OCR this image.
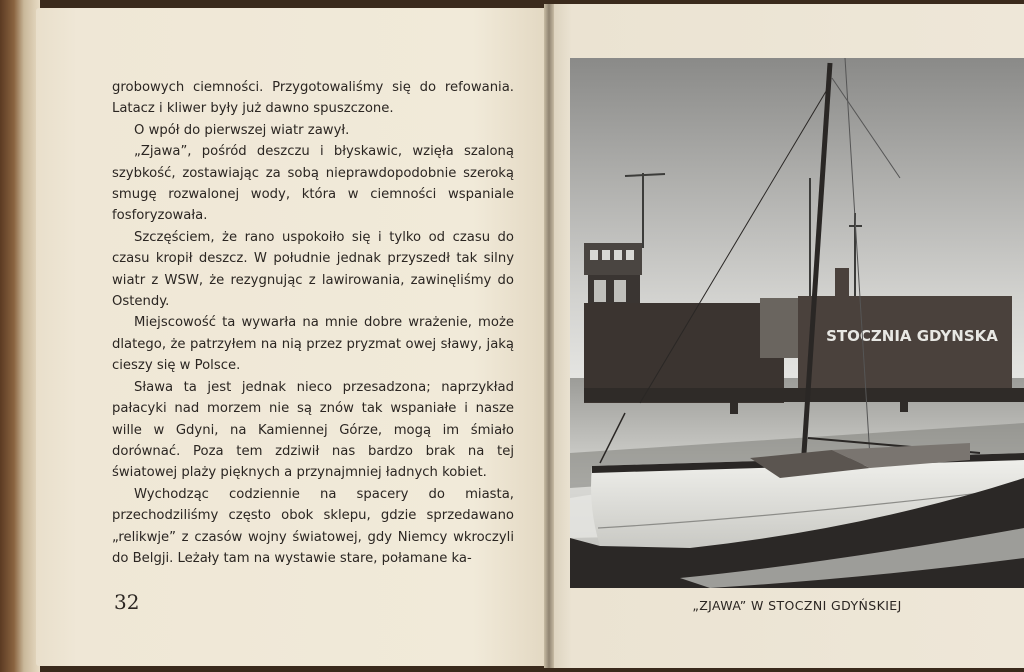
grobowych ciemności. Przygotowaliśmy się do refowania. Latacz i kliwer były już dawno spuszczone.

O wpół do pierwszej wiatr zawył.

„Zjawa”, pośród deszczu i błyskawic, wzięła szaloną szybkość, zostawiając za sobą nieprawdopodobnie szeroką smugę rozwalonej wody, która w ciemności wspaniale fosforyzowała.

Szczęściem, że rano uspokoiło się i tylko od czasu do czasu kropił deszcz. W południe jednak przyszedł tak silny wiatr z WSW, że rezygnując z lawirowania, zawinęliśmy do Ostendy.

Miejscowość ta wywarła na mnie dobre wrażenie, może dlatego, że patrzyłem na nią przez pryzmat owej sławy, jaką cieszy się w Polsce.

Sława ta jest jednak nieco przesadzona; naprzykład pałacyki nad morzem nie są znów tak wspaniałe i nasze wille w Gdyni, na Kamiennej Górze, mogą im śmiało dorównać. Poza tem zdziwił nas bardzo brak na tej światowej plaży pięknych a przynajmniej ładnych kobiet.

Wychodząc codziennie na spacery do miasta, przechodziliśmy często obok sklepu, gdzie sprzedawano „relikwje” z czasów wojny światowej, gdy Niemcy wkroczyli do Belgji. Leżały tam na wystawie stare, połamane ka-

32
STOCZNIA GDYNSKA
„ZJAWA” W STOCZNI GDYŃSKIEJ
